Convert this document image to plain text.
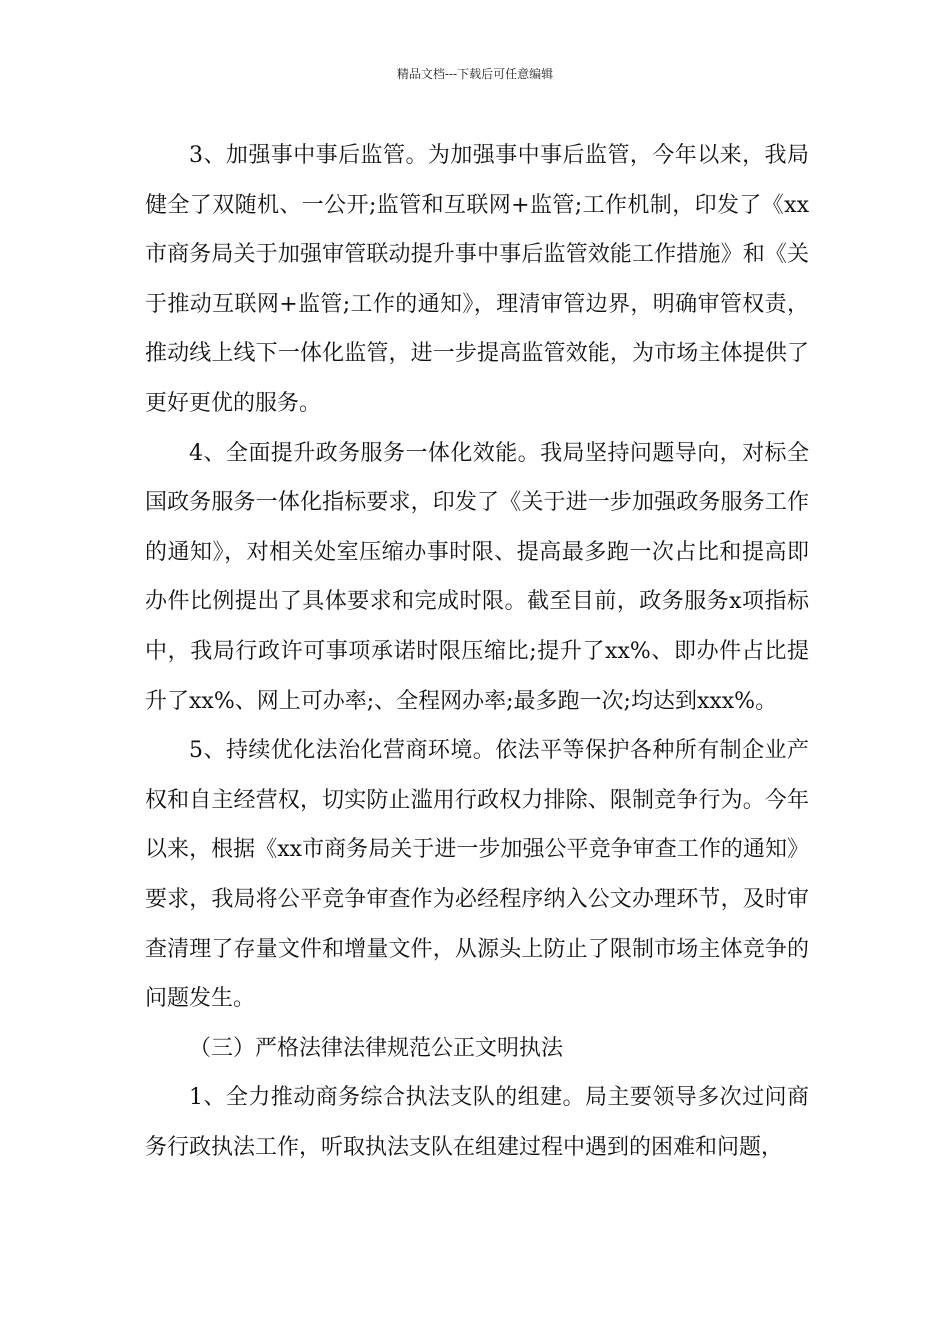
精品文档---下载后可任意编辑

3、加强事中事后监管。为加强事中事后监管，今年以来，我局健全了双随机、一公开;监管和互联网+监管;工作机制，印发了《xx市商务局关于加强审管联动提升事中事后监管效能工作措施》和《关于推动互联网+监管;工作的通知》，理清审管边界，明确审管权责，推动线上线下一体化监管，进一步提高监管效能，为市场主体提供了更好更优的服务。

4、全面提升政务服务一体化效能。我局坚持问题导向，对标全国政务服务一体化指标要求，印发了《关于进一步加强政务服务工作的通知》，对相关处室压缩办事时限、提高最多跑一次占比和提高即办件比例提出了具体要求和完成时限。截至目前，政务服务x项指标中，我局行政许可事项承诺时限压缩比;提升了xx%、即办件占比提升了xx%、网上可办率;、全程网办率;最多跑一次;均达到xxx%。

5、持续优化法治化营商环境。依法平等保护各种所有制企业产权和自主经营权，切实防止滥用行政权力排除、限制竞争行为。今年以来，根据《xx市商务局关于进一步加强公平竞争审查工作的通知》要求，我局将公平竞争审查作为必经程序纳入公文办理环节，及时审查清理了存量文件和增量文件，从源头上防止了限制市场主体竞争的问题发生。

（三）严格法律法律规范公正文明执法

1、全力推动商务综合执法支队的组建。局主要领导多次过问商务行政执法工作，听取执法支队在组建过程中遇到的困难和问题，
